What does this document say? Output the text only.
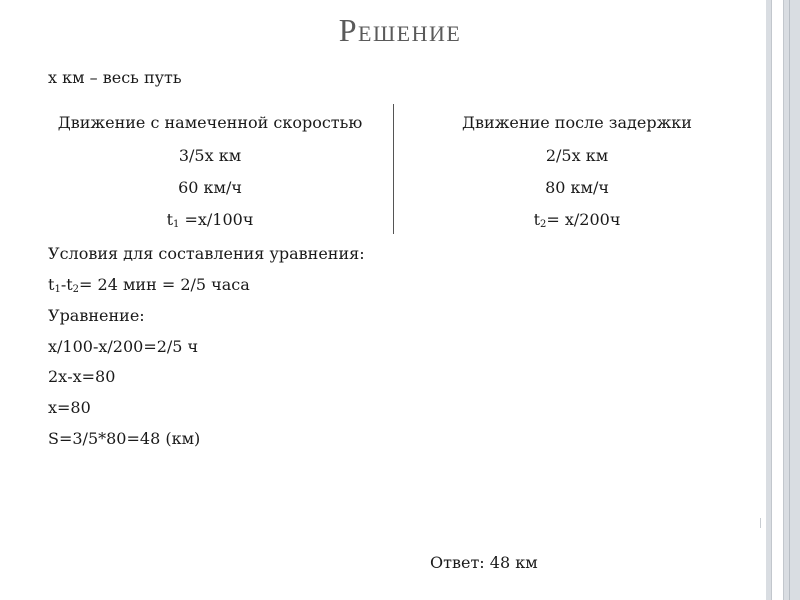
Решение
х км – весь путь
Движение с намеченной скоростью
3/5х км
60 км/ч
$t_1 =х/100ч$
Движение после задержки
2/5х км
80 км/ч
$t_2= х/200ч$
Условия для составления уравнения:
$t_1-t_2= 24$ мин = 2/5 часа
Уравнение:
х/100-х/200=2/5 ч
2х-х=80
х=80
S=3/5*80=48 (км)
Ответ: 48 км
